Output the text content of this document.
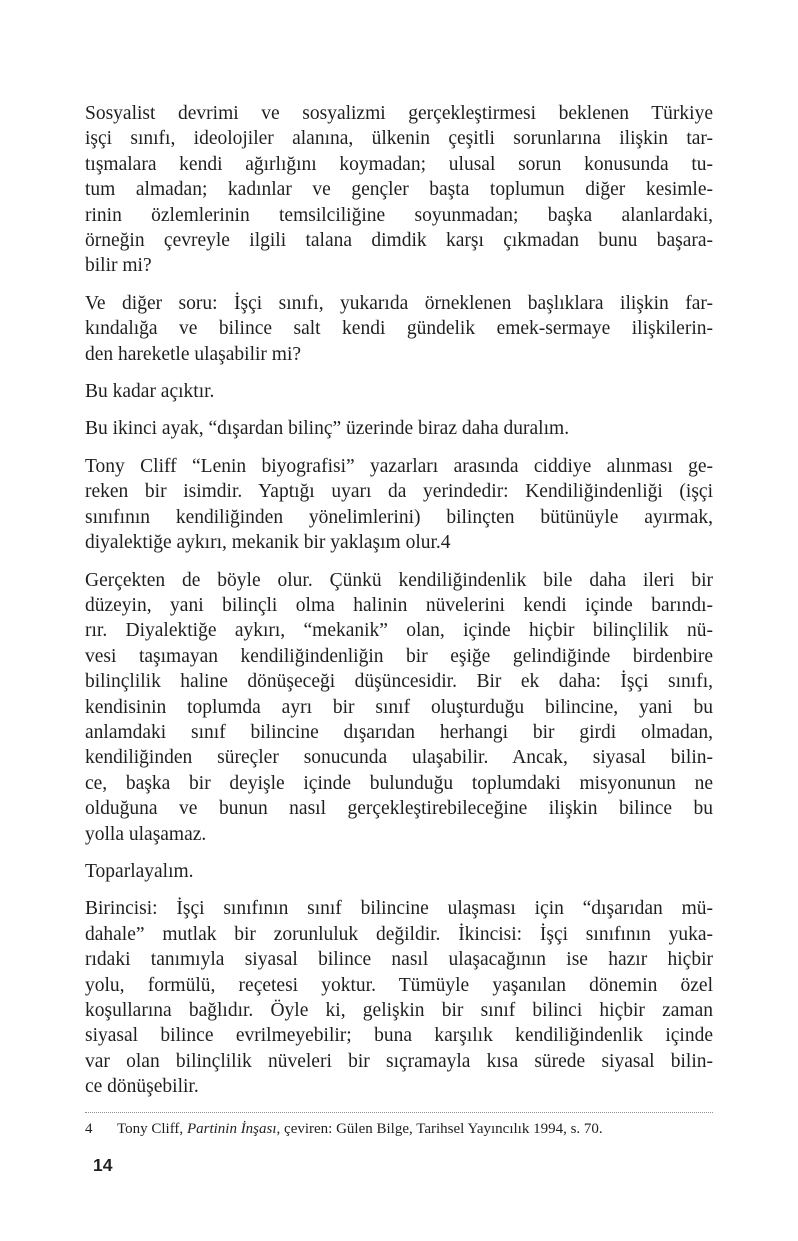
Sosyalist devrimi ve sosyalizmi gerçekleştirmesi beklenen Türkiye
işçi sınıfı, ideolojiler alanına, ülkenin çeşitli sorunlarına ilişkin tar-
tışmalara kendi ağırlığını koymadan; ulusal sorun konusunda tu-
tum almadan; kadınlar ve gençler başta toplumun diğer kesimle-
rinin özlemlerinin temsilciliğine soyunmadan; başka alanlardaki,
örneğin çevreyle ilgili talana dimdik karşı çıkmadan bunu başara-
bilir mi?

Ve diğer soru: İşçi sınıfı, yukarıda örneklenen başlıklara ilişkin far-
kındalığa ve bilince salt kendi gündelik emek-sermaye ilişkilerin-
den hareketle ulaşabilir mi?

Bu kadar açıktır.

Bu ikinci ayak, “dışardan bilinç” üzerinde biraz daha duralım.

Tony Cliff “Lenin biyografisi” yazarları arasında ciddiye alınması ge-
reken bir isimdir. Yaptığı uyarı da yerindedir: Kendiliğindenliği (işçi
sınıfının kendiliğinden yönelimlerini) bilinçten bütünüyle ayırmak,
diyalektiğe aykırı, mekanik bir yaklaşım olur.4

Gerçekten de böyle olur. Çünkü kendiliğindenlik bile daha ileri bir
düzeyin, yani bilinçli olma halinin nüvelerini kendi içinde barındı-
rır. Diyalektiğe aykırı, “mekanik” olan, içinde hiçbir bilinçlilik nü-
vesi taşımayan kendiliğindenliğin bir eşiğe gelindiğinde birdenbire
bilinçlilik haline dönüşeceği düşüncesidir. Bir ek daha: İşçi sınıfı,
kendisinin toplumda ayrı bir sınıf oluşturduğu bilincine, yani bu
anlamdaki sınıf bilincine dışarıdan herhangi bir girdi olmadan,
kendiliğinden süreçler sonucunda ulaşabilir. Ancak, siyasal bilin-
ce, başka bir deyişle içinde bulunduğu toplumdaki misyonunun ne
olduğuna ve bunun nasıl gerçekleştirebileceğine ilişkin bilince bu
yolla ulaşamaz.

Toparlayalım.

Birincisi: İşçi sınıfının sınıf bilincine ulaşması için “dışarıdan mü-
dahale” mutlak bir zorunluluk değildir. İkincisi: İşçi sınıfının yuka-
rıdaki tanımıyla siyasal bilince nasıl ulaşacağının ise hazır hiçbir
yolu, formülü, reçetesi yoktur. Tümüyle yaşanılan dönemin özel
koşullarına bağlıdır. Öyle ki, gelişkin bir sınıf bilinci hiçbir zaman
siyasal bilince evrilmeyebilir; buna karşılık kendiliğindenlik içinde
var olan bilinçlilik nüveleri bir sıçramayla kısa sürede siyasal bilin-
ce dönüşebilir.

4	Tony Cliff, Partinin İnşası, çeviren: Gülen Bilge, Tarihsel Yayıncılık 1994, s. 70.
14
